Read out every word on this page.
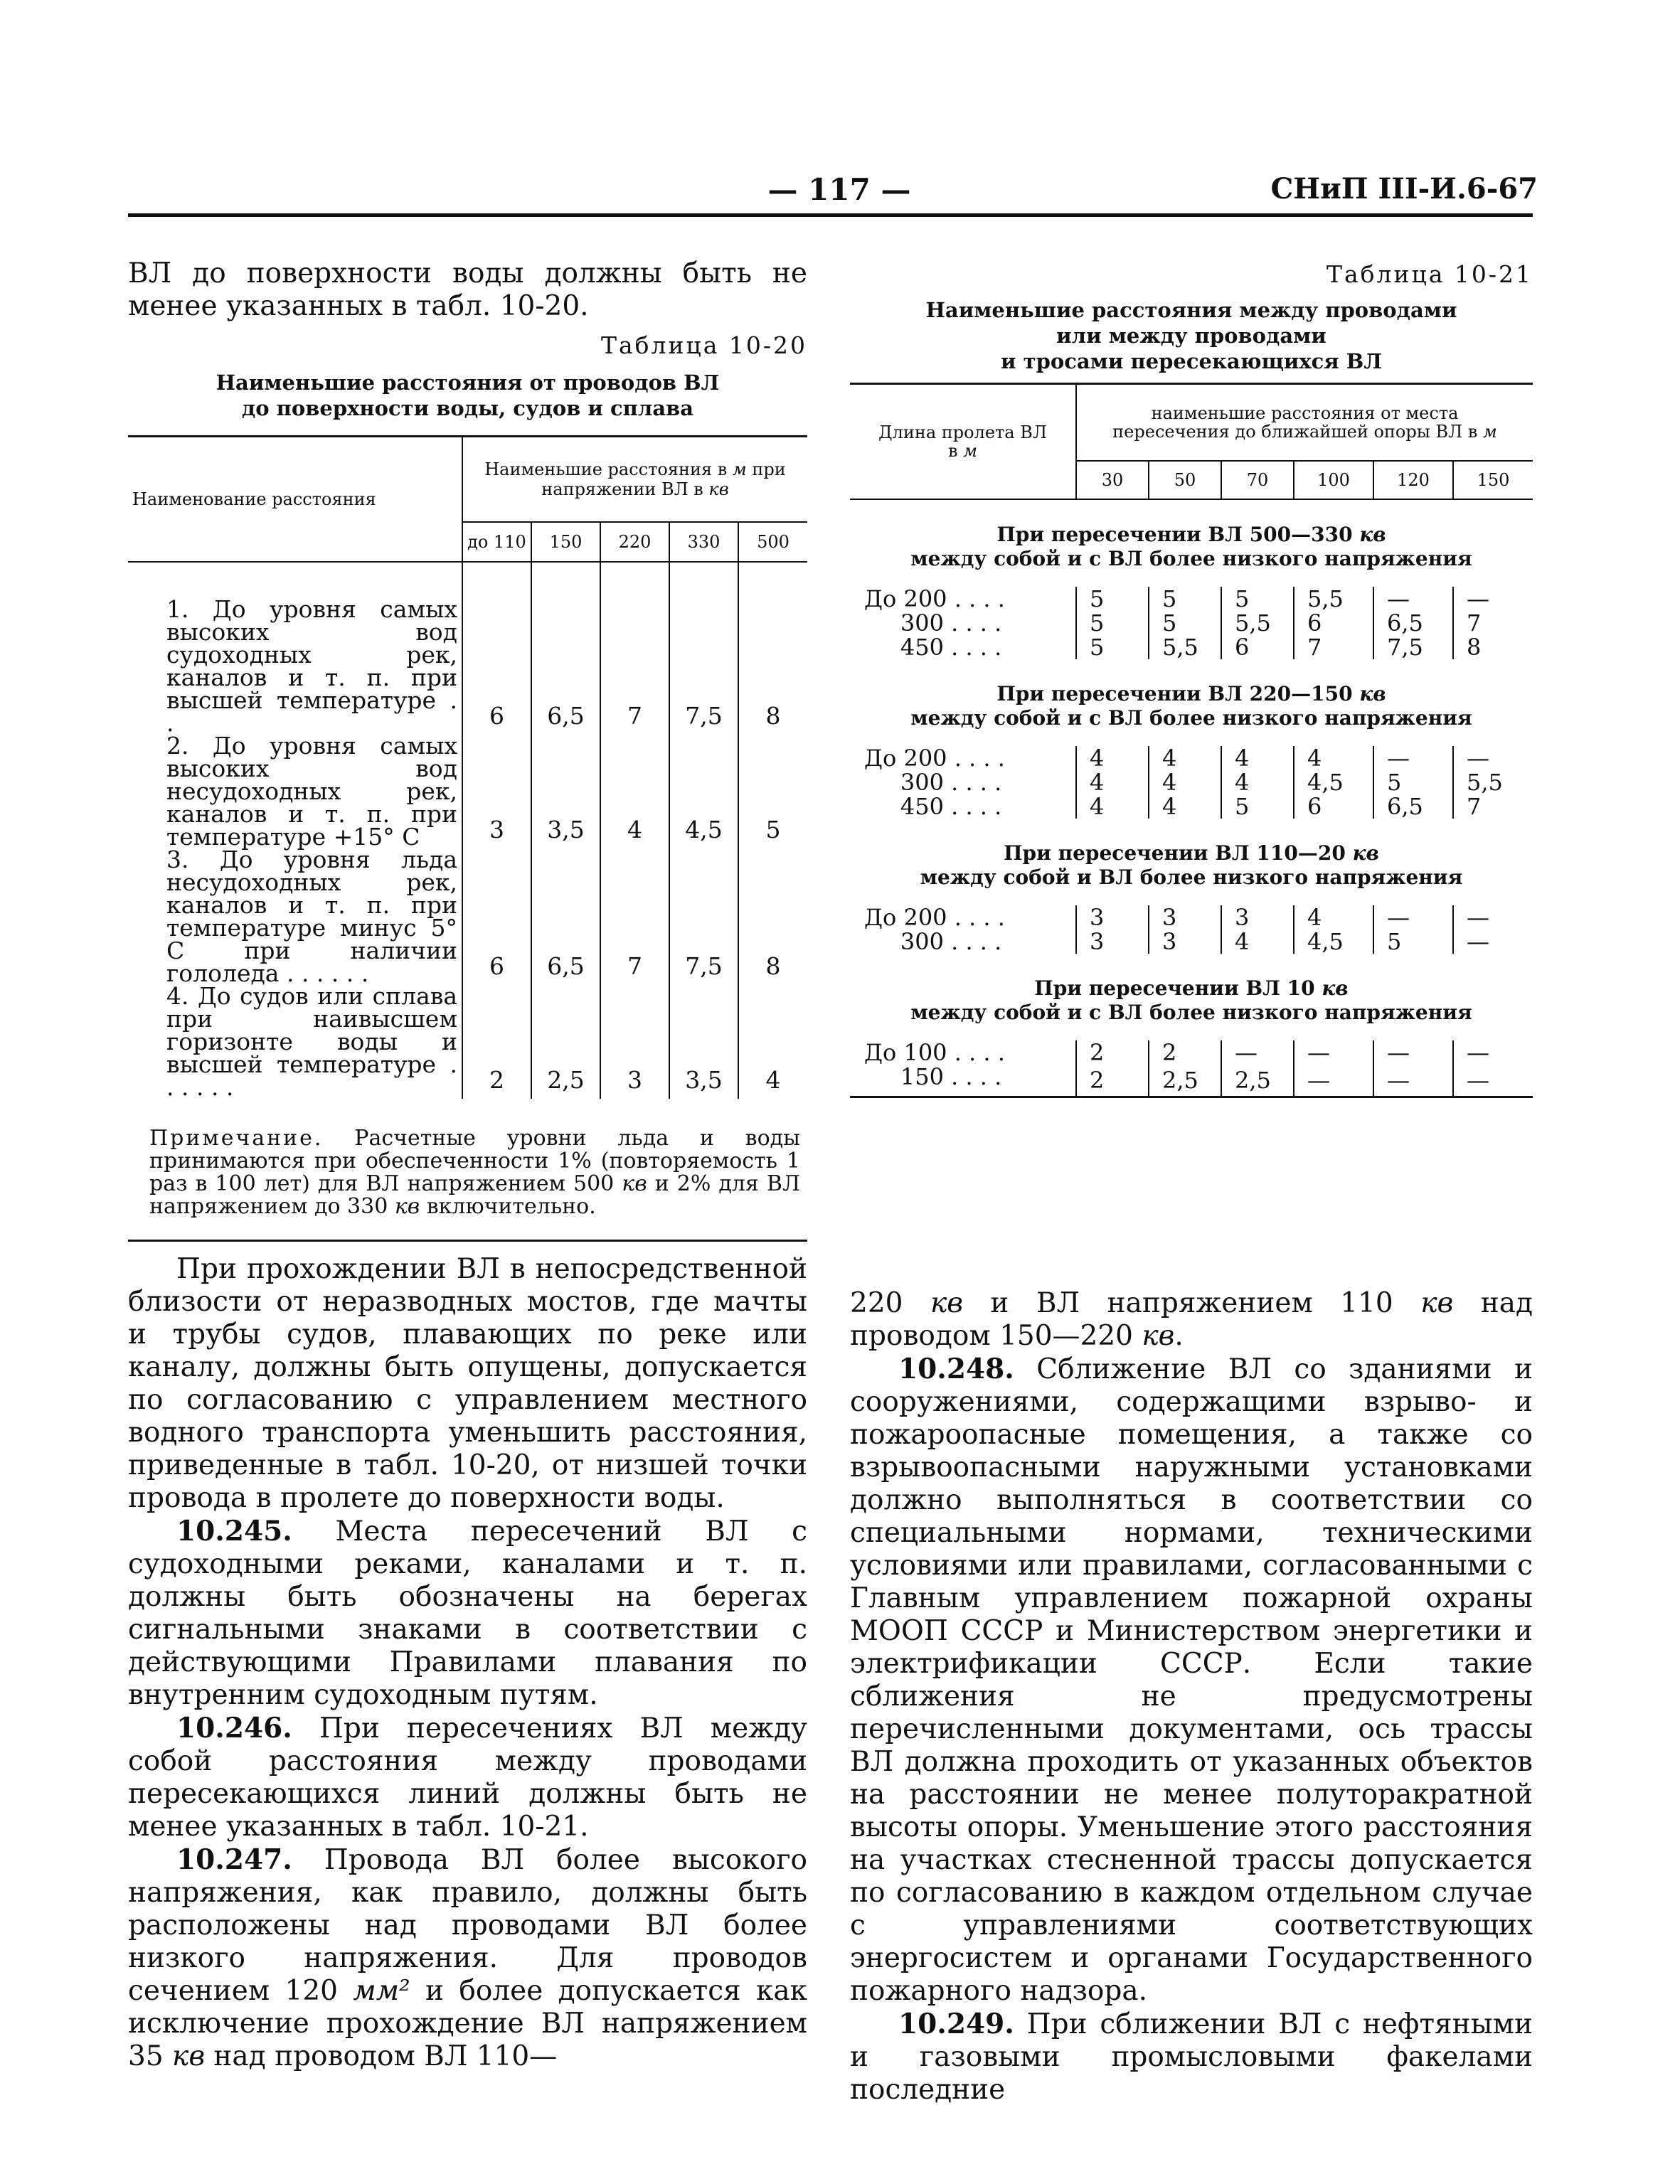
— 117 —	СНиП III-И.6-67

ВЛ до поверхности воды должны быть не менее указанных в табл. 10-20.

Таблица 10-20
Наименьшие расстояния от проводов ВЛ
до поверхности воды, судов и сплава
Наименование расстояния	Наименьшие расстояния в м при напряжении ВЛ в кв				
	до 110	150	220	330	500
1. До уровня самых высоких вод судоходных рек, каналов и т. п. при высшей температуре . .	6	6,5	7	7,5	8
2. До уровня самых высоких вод несудоходных рек, каналов и т. п. при температуре +15° С	3	3,5	4	4,5	5
3. До уровня льда несудоходных рек, каналов и т. п. при температуре минус 5° С при наличии гололеда . . . . . .	6	6,5	7	7,5	8
4. До судов или сплава при наивысшем горизонте воды и высшей температуре . . . . . .	2	2,5	3	3,5	4
Примечание. Расчетные уровни льда и воды принимаются при обеспеченности 1% (повторяемость 1 раз в 100 лет) для ВЛ напряжением 500 кв и 2% для ВЛ напряжением до 330 кв включительно.					

При прохождении ВЛ в непосредственной близости от неразводных мостов, где мачты и трубы судов, плавающих по реке или каналу, должны быть опущены, допускается по согласованию с управлением местного водного транспорта уменьшить расстояния, приведенные в табл. 10-20, от низшей точки провода в пролете до поверхности воды.

10.245. Места пересечений ВЛ с судоходными реками, каналами и т. п. должны быть обозначены на берегах сигнальными знаками в соответствии с действующими Правилами плавания по внутренним судоходным путям.

10.246. При пересечениях ВЛ между собой расстояния между проводами пересекающихся линий должны быть не менее указанных в табл. 10-21.

10.247. Провода ВЛ более высокого напряжения, как правило, должны быть расположены над проводами ВЛ более низкого напряжения. Для проводов сечением 120 мм² и более допускается как исключение прохождение ВЛ напряжением 35 кв над проводом ВЛ 110—

Таблица 10-21
Наименьшие расстояния между проводами
или между проводами
и тросами пересекающихся ВЛ
Длина пролета ВЛ в м	наименьшие расстояния от места пересечения до ближайшей опоры ВЛ в м					
	30	50	70	100	120	150
При пересечении ВЛ 500—330 кв
между собой и с ВЛ более низкого напряжения						
До 200 . . . .	5	5	5	5,5	—	—
300 . . . .	5	5	5,5	6	6,5	7
450 . . . .	5	5,5	6	7	7,5	8
При пересечении ВЛ 220—150 кв
между собой и с ВЛ более низкого напряжения						
До 200 . . . .	4	4	4	4	—	—
300 . . . .	4	4	4	4,5	5	5,5
450 . . . .	4	4	5	6	6,5	7
При пересечении ВЛ 110—20 кв
между собой и ВЛ более низкого напряжения						
До 200 . . . .	3	3	3	4	—	—
300 . . . .	3	3	4	4,5	5	—
При пересечении ВЛ 10 кв
между собой и с ВЛ более низкого напряжения						
До 100 . . . .	2	2	—	—	—	—
150 . . . .	2	2,5	2,5	—	—	—

220 кв и ВЛ напряжением 110 кв над проводом 150—220 кв.

10.248. Сближение ВЛ со зданиями и сооружениями, содержащими взрыво- и пожароопасные помещения, а также со взрывоопасными наружными установками должно выполняться в соответствии со специальными нормами, техническими условиями или правилами, согласованными с Главным управлением пожарной охраны МООП СССР и Министерством энергетики и электрификации СССР. Если такие сближения не предусмотрены перечисленными документами, ось трассы ВЛ должна проходить от указанных объектов на расстоянии не менее полуторакратной высоты опоры. Уменьшение этого расстояния на участках стесненной трассы допускается по согласованию в каждом отдельном случае с управлениями соответствующих энергосистем и органами Государственного пожарного надзора.

10.249. При сближении ВЛ с нефтяными и газовыми промысловыми факелами последние
